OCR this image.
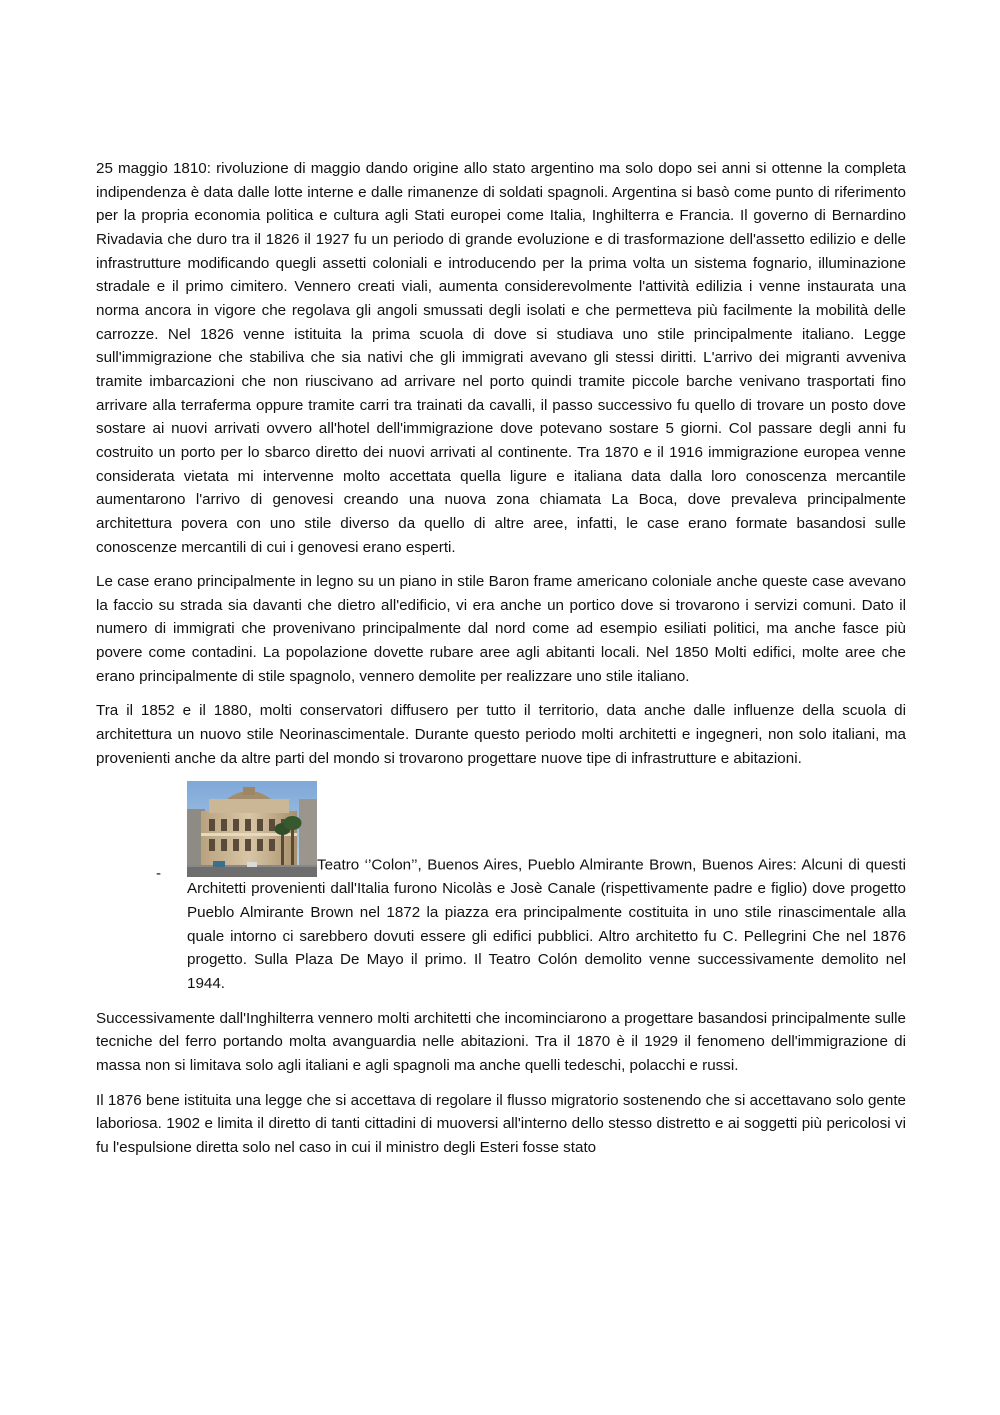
25 maggio 1810: rivoluzione di maggio dando origine allo stato argentino ma solo dopo sei anni si ottenne la completa indipendenza è data dalle lotte interne e dalle rimanenze di soldati spagnoli. Argentina si basò come punto di riferimento per la propria economia politica e cultura agli Stati europei come Italia, Inghilterra e Francia. Il governo di Bernardino Rivadavia che duro tra il 1826 il 1927 fu un periodo di grande evoluzione e di trasformazione dell'assetto edilizio e delle infrastrutture modificando quegli assetti coloniali e introducendo per la prima volta un sistema fognario, illuminazione stradale e il primo cimitero. Vennero creati viali, aumenta considerevolmente l'attività edilizia i venne instaurata una norma ancora in vigore che regolava gli angoli smussati degli isolati e che permetteva più facilmente la mobilità delle carrozze. Nel 1826 venne istituita la prima scuola di dove si studiava uno stile principalmente italiano. Legge sull'immigrazione che stabiliva che sia nativi che gli immigrati avevano gli stessi diritti. L'arrivo dei migranti avveniva tramite imbarcazioni che non riuscivano ad arrivare nel porto quindi tramite piccole barche venivano trasportati fino arrivare alla terraferma oppure tramite carri tra trainati da cavalli, il passo successivo fu quello di trovare un posto dove sostare ai nuovi arrivati ovvero all'hotel dell'immigrazione dove potevano sostare 5 giorni. Col passare degli anni fu costruito un porto per lo sbarco diretto dei nuovi arrivati al continente. Tra 1870 e il 1916 immigrazione europea venne considerata vietata mi intervenne molto accettata quella ligure e italiana data dalla loro conoscenza mercantile aumentarono l'arrivo di genovesi creando una nuova zona chiamata La Boca, dove prevaleva principalmente architettura povera con uno stile diverso da quello di altre aree, infatti, le case erano formate basandosi sulle conoscenze mercantili di cui i genovesi erano esperti.

Le case erano principalmente in legno su un piano in stile Baron frame americano coloniale anche queste case avevano la faccio su strada sia davanti che dietro all'edificio, vi era anche un portico dove si trovarono i servizi comuni. Dato il numero di immigrati che provenivano principalmente dal nord come ad esempio esiliati politici, ma anche fasce più povere come contadini. La popolazione dovette rubare aree agli abitanti locali. Nel 1850 Molti edifici, molte aree che erano principalmente di stile spagnolo, vennero demolite per realizzare uno stile italiano.

Tra il 1852 e il 1880, molti conservatori diffusero per tutto il territorio, data anche dalle influenze della scuola di architettura un nuovo stile Neorinascimentale. Durante questo periodo molti architetti e ingegneri, non solo italiani, ma provenienti anche da altre parti del mondo si trovarono progettare nuove tipe di infrastrutture e abitazioni.

-
Teatro ‘’Colon’’, Buenos Aires, Pueblo Almirante Brown, Buenos Aires: Alcuni di questi Architetti provenienti dall'Italia furono Nicolàs e Josè Canale (rispettivamente padre e figlio) dove progetto Pueblo Almirante Brown nel 1872 la piazza era principalmente costituita in uno stile rinascimentale alla quale intorno ci sarebbero dovuti essere gli edifici pubblici. Altro architetto fu C. Pellegrini Che nel 1876 progetto. Sulla Plaza De Mayo il primo. Il Teatro Colón demolito venne successivamente demolito nel 1944.

Successivamente dall'Inghilterra vennero molti architetti che incominciarono a progettare basandosi principalmente sulle tecniche del ferro portando molta avanguardia nelle abitazioni. Tra il 1870 è il 1929 il fenomeno dell'immigrazione di massa non si limitava solo agli italiani e agli spagnoli ma anche quelli tedeschi, polacchi e russi.

Il 1876 bene istituita una legge che si accettava di regolare il flusso migratorio sostenendo che si accettavano solo gente laboriosa. 1902 e limita il diretto di tanti cittadini di muoversi all'interno dello stesso distretto e ai soggetti più pericolosi vi fu l'espulsione diretta solo nel caso in cui il ministro degli Esteri fosse stato
